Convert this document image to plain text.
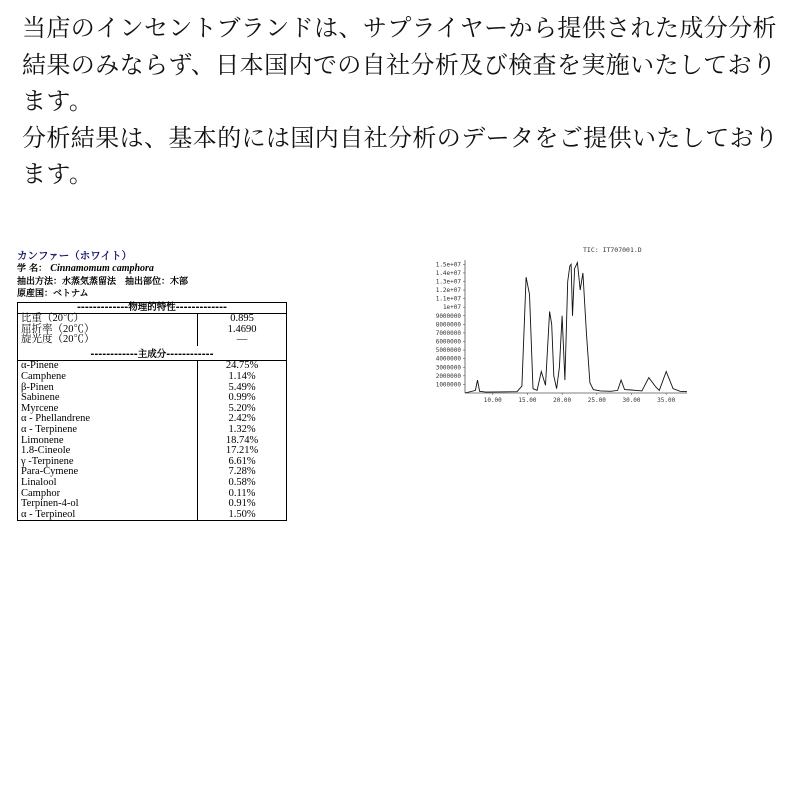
当店のインセントブランドは、サプライヤーから提供された成分分析結果のみならず、日本国内での自社分析及び検査を実施いたしております。

分析結果は、基本的には国内自社分析のデータをご提供いたしております。

カンファー（ホワイト）
学 名： Cinnamomum camphora
抽出方法：水蒸気蒸留法　抽出部位：木部
原産国：ベトナム
-------------物理的特性-------------	
比重（20℃）	0.895
屈折率（20℃）	1.4690
旋光度（20℃）	—

------------主成分------------	
α-Pinene	24.75%
Camphene	1.14%
β-Pinen	5.49%
Sabinene	0.99%
Myrcene	5.20%
α - Phellandrene	2.42%
α - Terpinene	1.32%
Limonene	18.74%
1.8-Cineole	17.21%
γ -Terpinene	6.61%
Para-Cymene	7.28%
Linalool	0.58%
Camphor	0.11%
Terpinen-4-ol	0.91%
α - Terpineol	1.50%
TIC: IT707001.D
1.5e+07
1.4e+07
1.3e+07
1.2e+07
1.1e+07
1e+07
9000000
8000000
7000000
6000000
5000000
4000000
3000000
2000000
1000000
10.00	15.00	20.00	25.00	30.00	35.00
